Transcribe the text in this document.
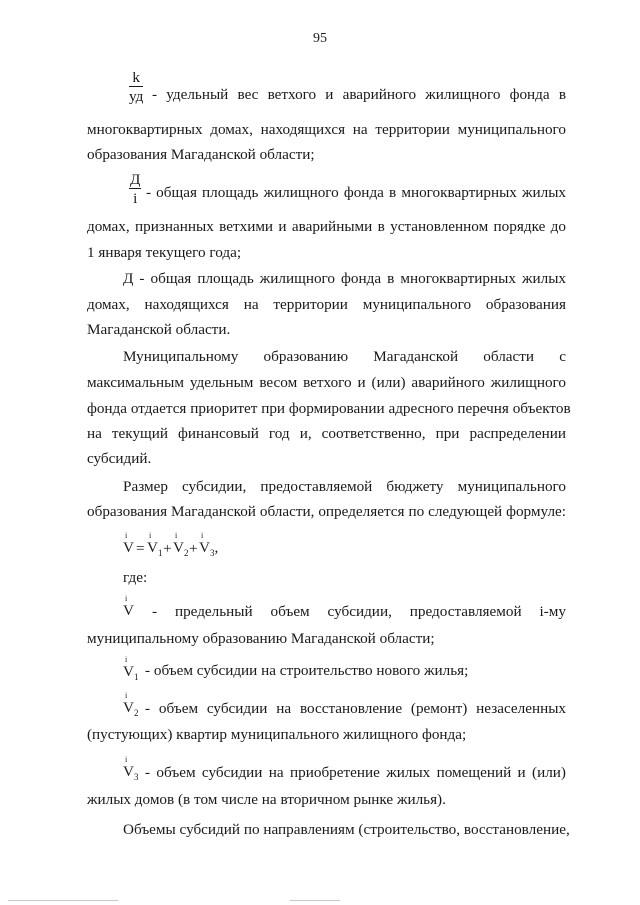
95
k
уд - удельный вес ветхого и аварийного жилищного фонда в
многоквартирных домах, находящихся на территории муниципального
образования Магаданской области;
Д
i - общая площадь жилищного фонда в многоквартирных жилых
домах, признанных ветхими и аварийными в установленном порядке до
1 января текущего года;
Д - общая площадь жилищного фонда в многоквартирных жилых
домах, находящихся на территории муниципального образования
Магаданской области.
Муниципальному образованию Магаданской области с
максимальным удельным весом ветхого и (или) аварийного жилищного
фонда отдается приоритет при формировании адресного перечня объектов
на текущий финансовый год и, соответственно, при распределении
субсидий.
Размер субсидии, предоставляемой бюджету муниципального
образования Магаданской области, определяется по следующей формуле:
i
V =
i
$V_1$ +
i
$V_2$ +
i
$V_3$,
где:
i
V - предельный объем субсидии, предоставляемой i-му
муниципальному образованию Магаданской области;
i
$V_1$ - объем субсидии на строительство нового жилья;
i
$V_2$ - объем субсидии на восстановление (ремонт) незаселенных
(пустующих) квартир муниципального жилищного фонда;
i
$V_3$ - объем субсидии на приобретение жилых помещений и (или)
жилых домов (в том числе на вторичном рынке жилья).
Объемы субсидий по направлениям (строительство, восстановление,
